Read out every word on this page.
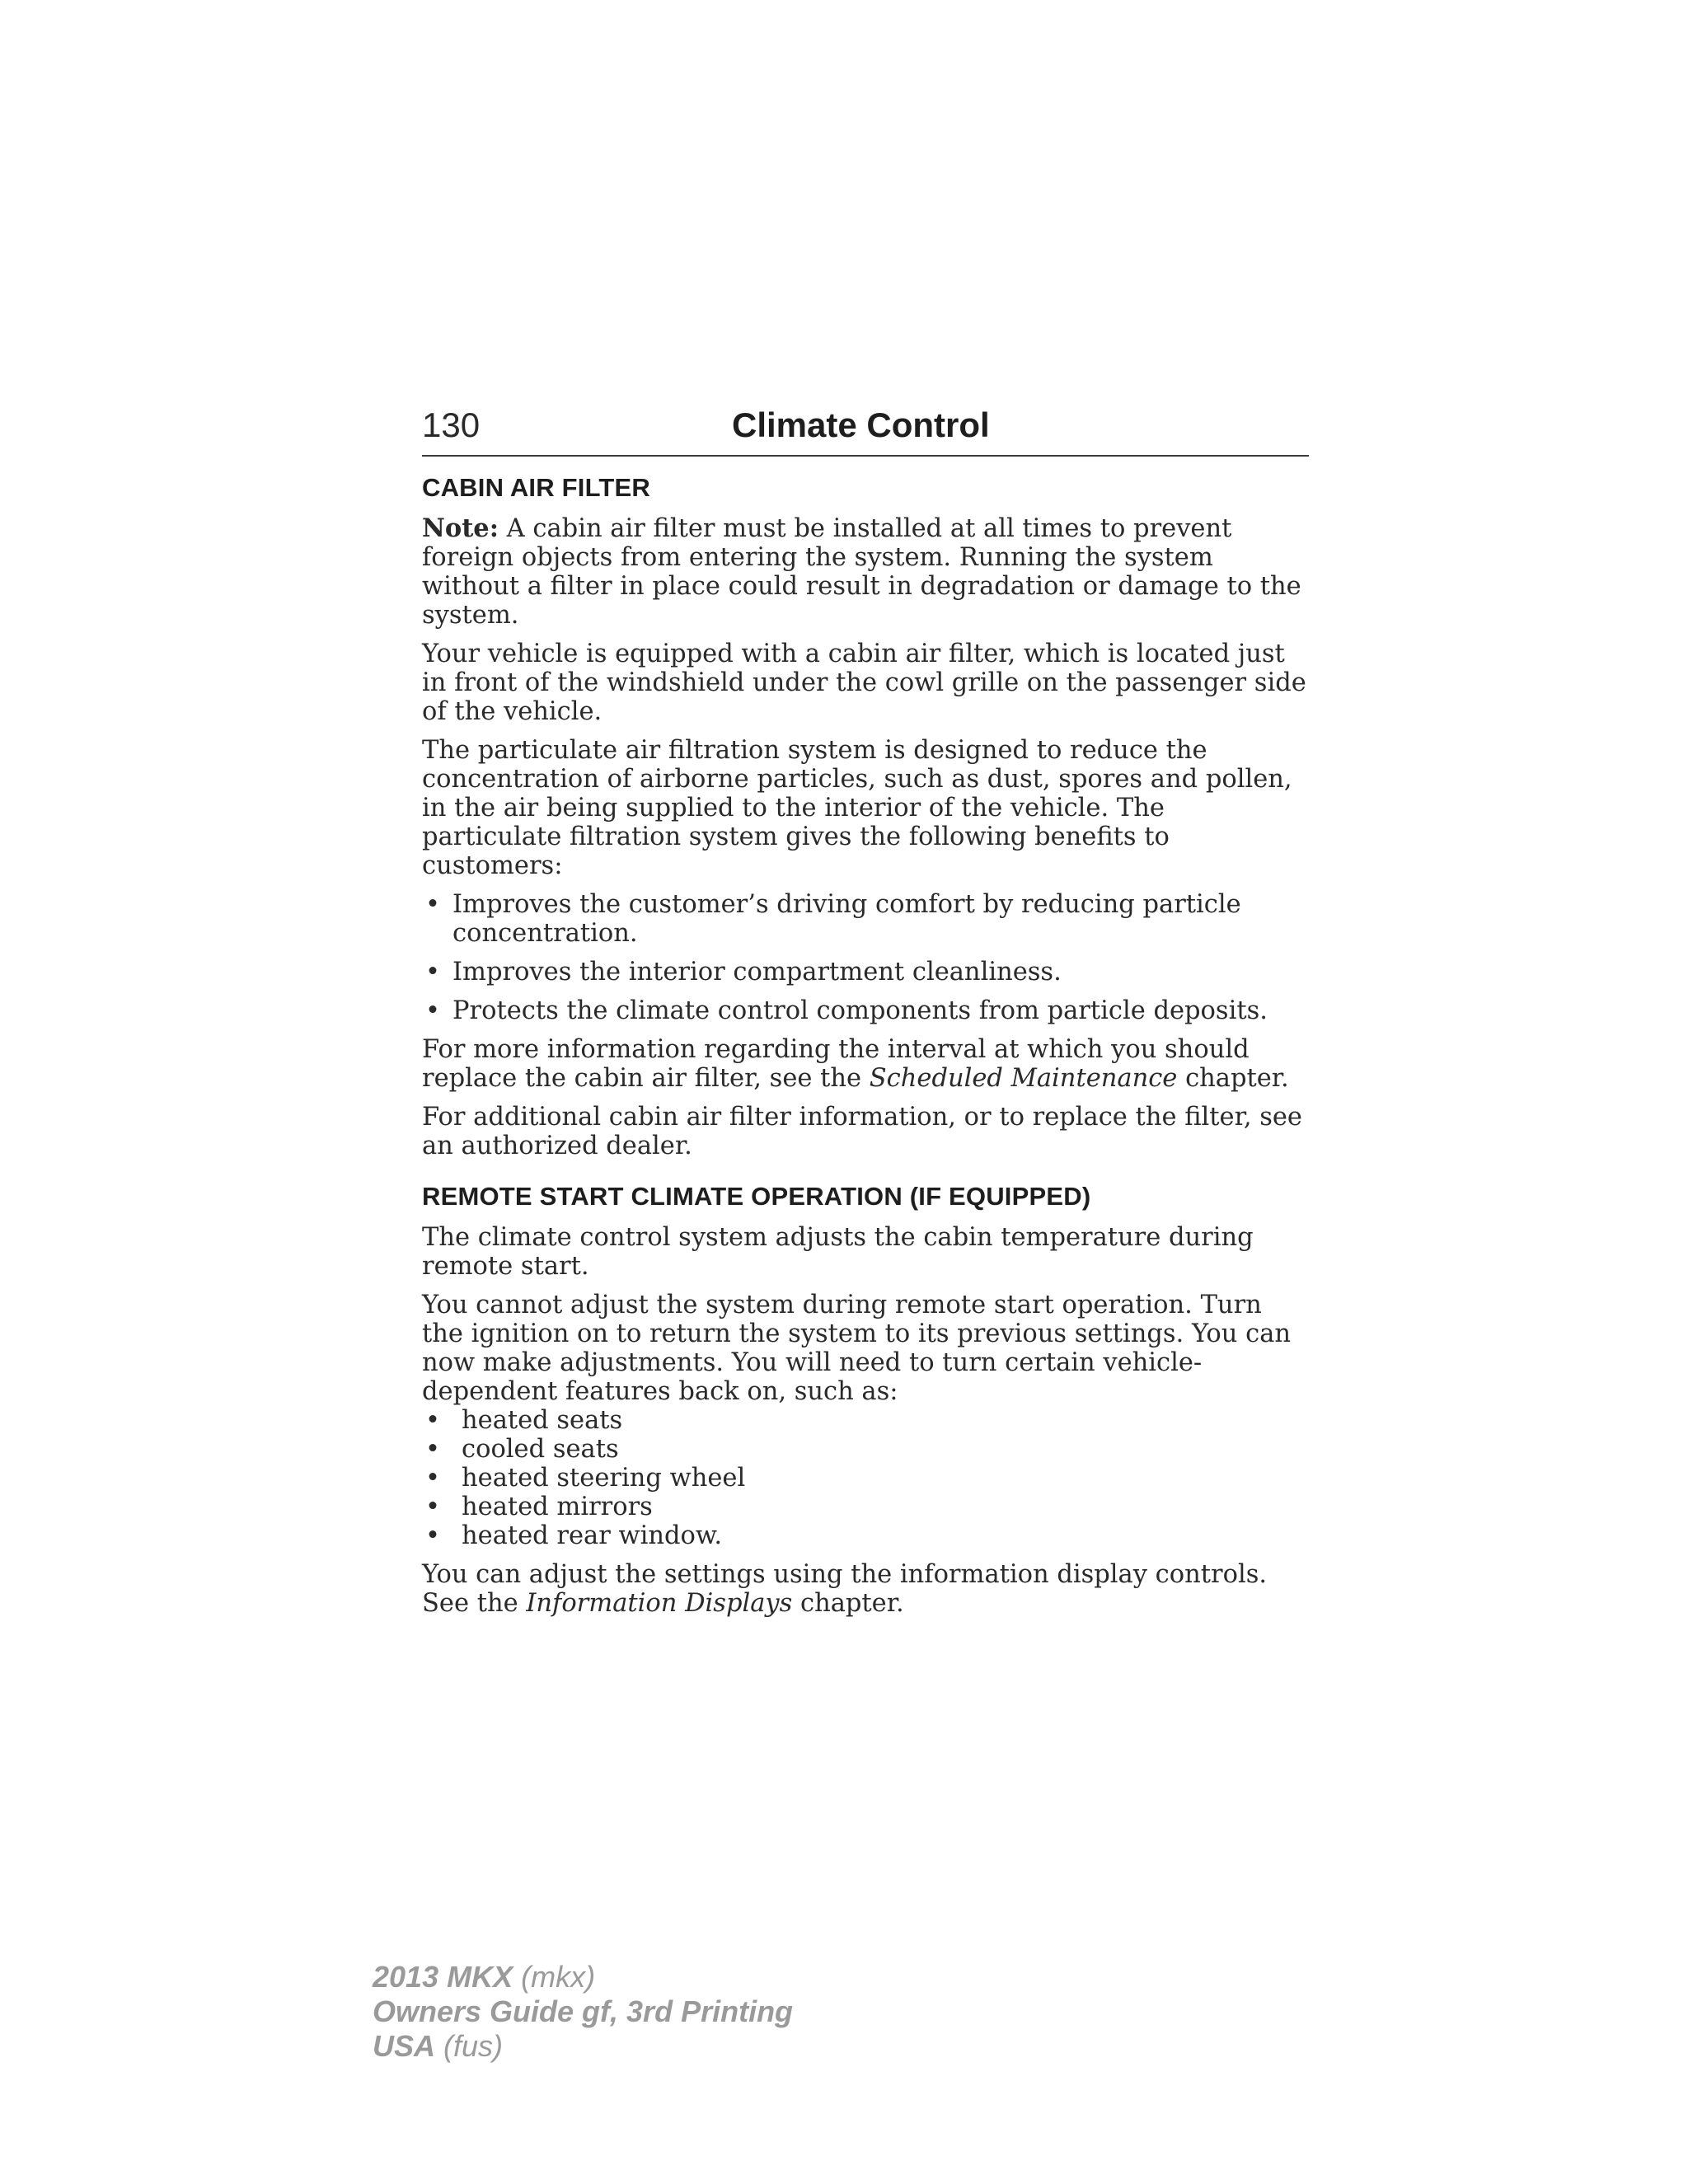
130	Climate Control
CABIN AIR FILTER

Note: A cabin air filter must be installed at all times to prevent foreign objects from entering the system. Running the system without a filter in place could result in degradation or damage to the system.

Your vehicle is equipped with a cabin air filter, which is located just in front of the windshield under the cowl grille on the passenger side of the vehicle.

The particulate air filtration system is designed to reduce the concentration of airborne particles, such as dust, spores and pollen, in the air being supplied to the interior of the vehicle. The particulate filtration system gives the following benefits to customers:

• Improves the customer’s driving comfort by reducing particle concentration.
• Improves the interior compartment cleanliness.
• Protects the climate control components from particle deposits.

For more information regarding the interval at which you should replace the cabin air filter, see the Scheduled Maintenance chapter.

For additional cabin air filter information, or to replace the filter, see an authorized dealer.

REMOTE START CLIMATE OPERATION (IF EQUIPPED)

The climate control system adjusts the cabin temperature during remote start.

You cannot adjust the system during remote start operation. Turn the ignition on to return the system to its previous settings. You can now make adjustments. You will need to turn certain vehicle-dependent features back on, such as:

• heated seats
• cooled seats
• heated steering wheel
• heated mirrors
• heated rear window.

You can adjust the settings using the information display controls.
See the Information Displays chapter.

2013 MKX (mkx)
Owners Guide gf, 3rd Printing
USA (fus)
